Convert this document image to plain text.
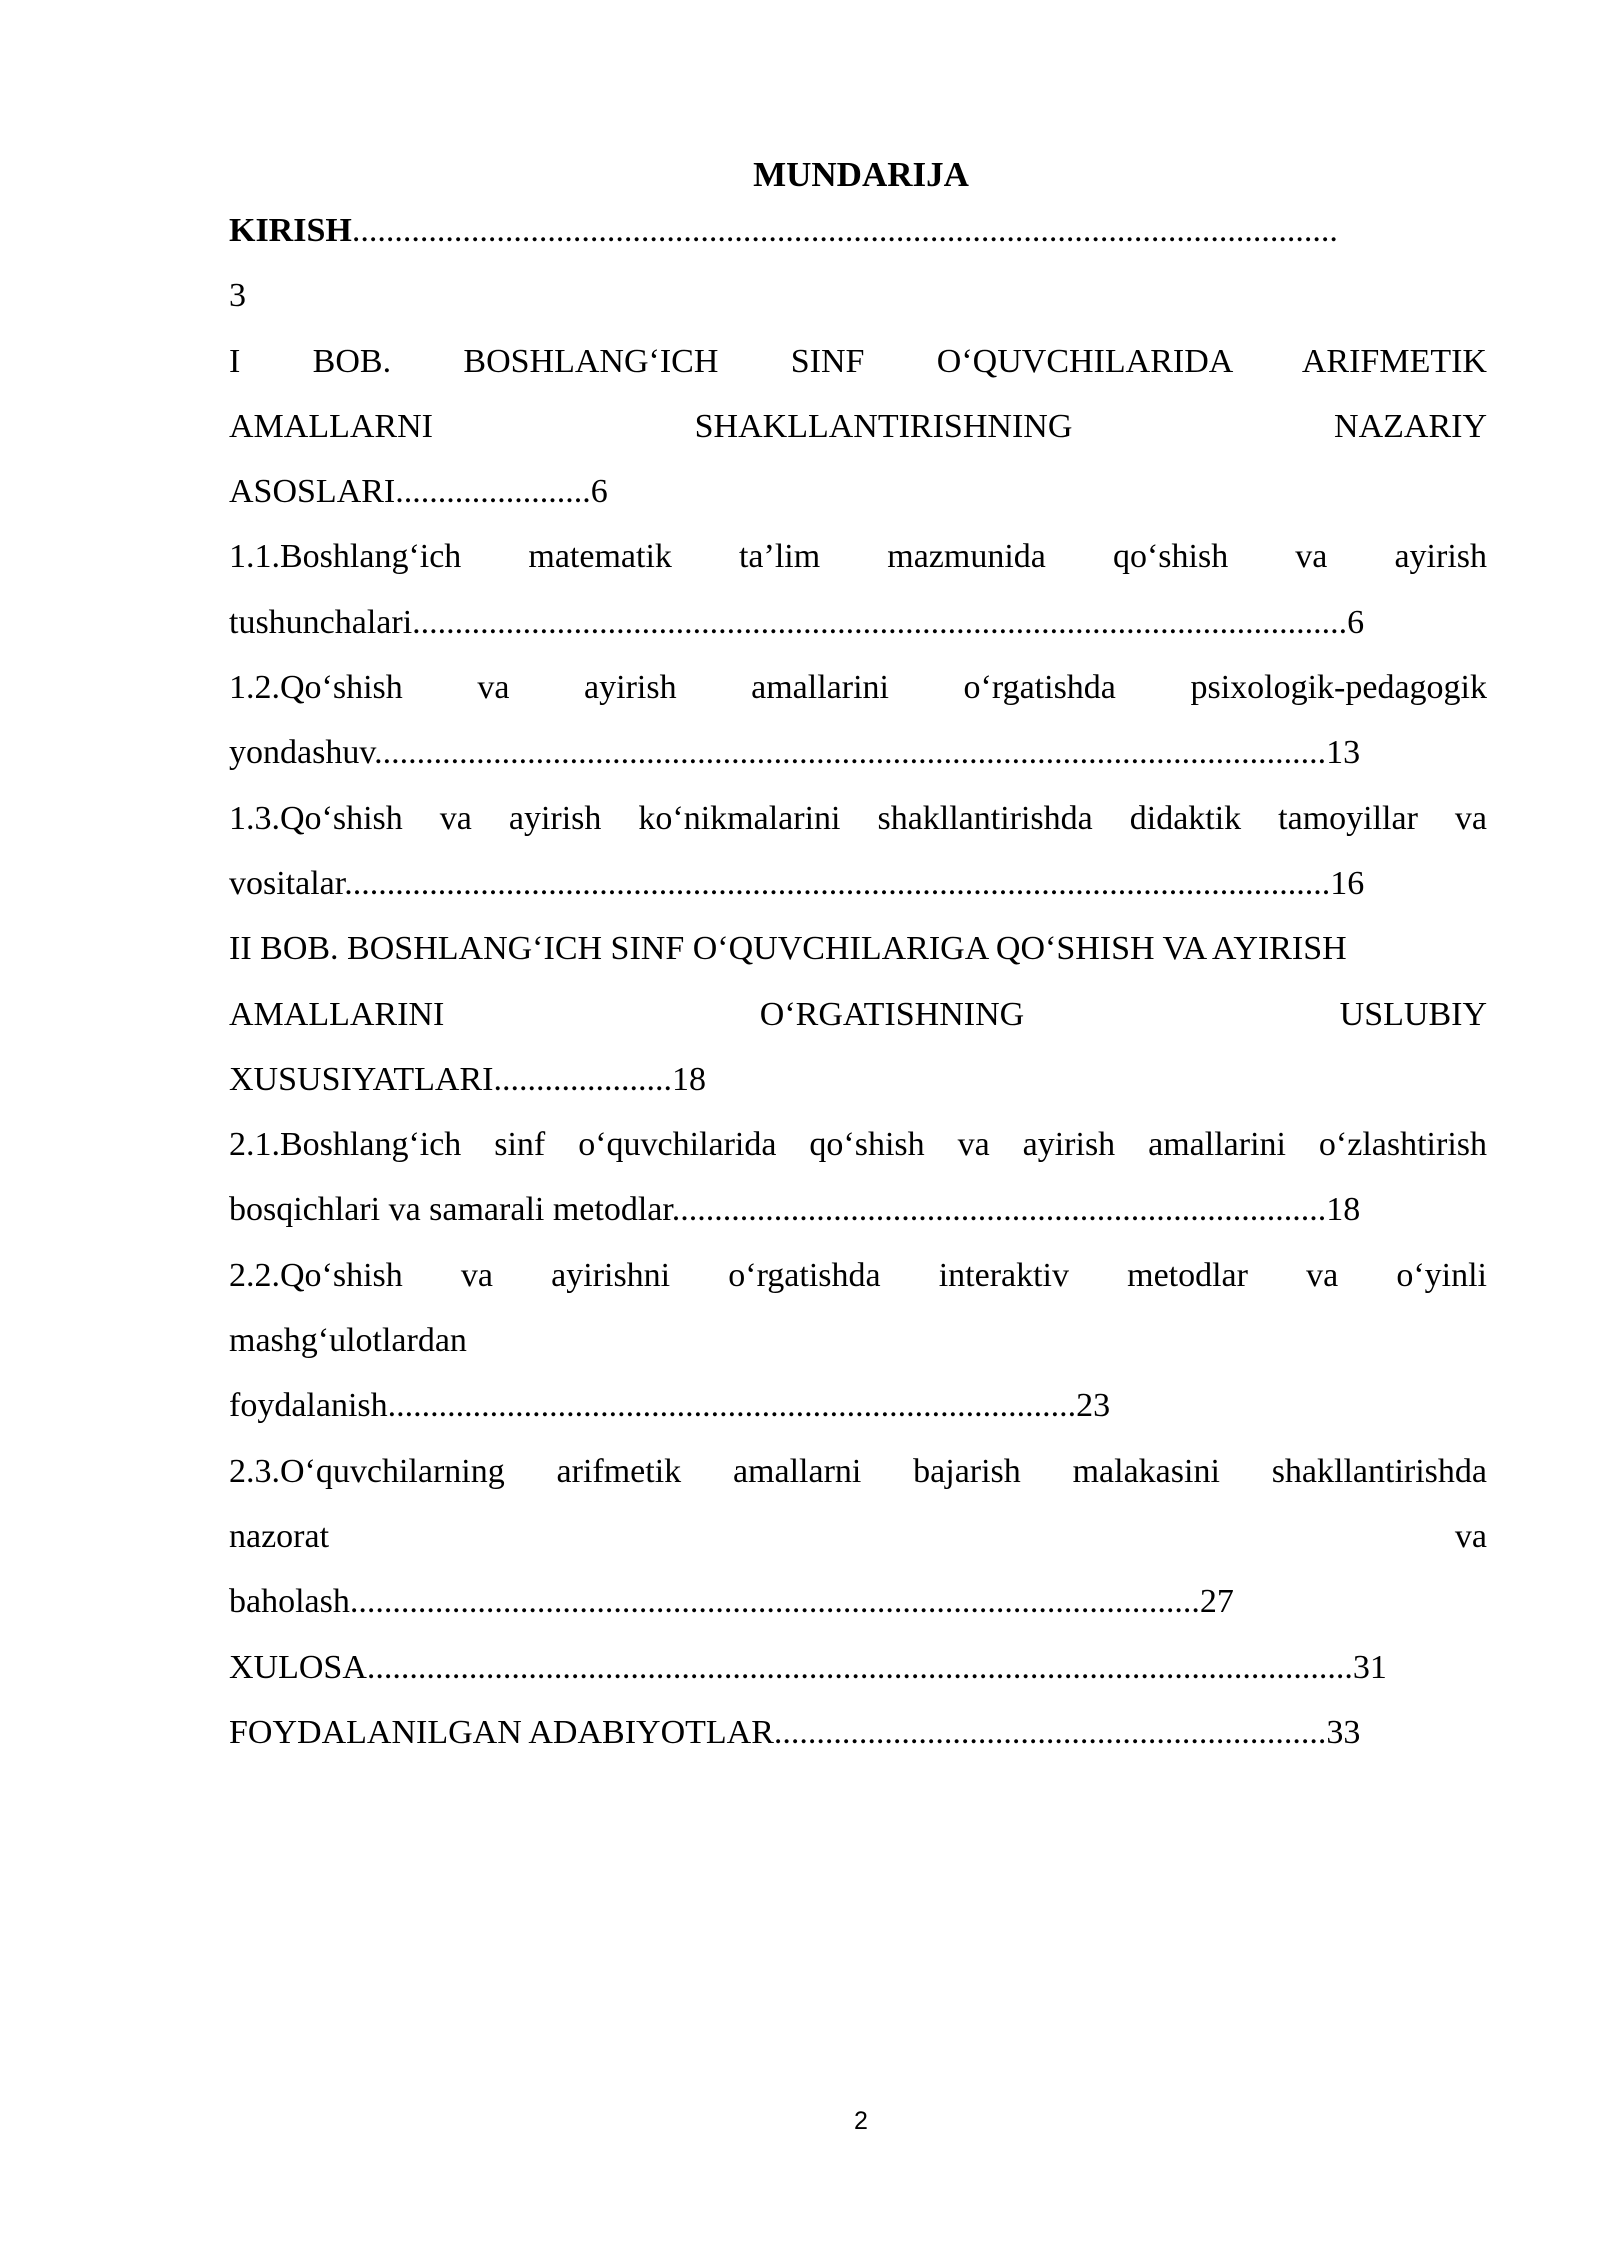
MUNDARIJA
KIRISH....................................................................................................................
3
I BOB. BOSHLANG‘ICH SINF O‘QUVCHILARIDA ARIFMETIK
AMALLARNI SHAKLLANTIRISHNING NAZARIY
ASOSLARI.......................6
1.1.Boshlang‘ich matematik ta’lim mazmunida qo‘shish va ayirish
tushunchalari..............................................................................................................6
1.2.Qo‘shish va ayirish amallarini o‘rgatishda psixologik-pedagogik
yondashuv................................................................................................................13
1.3.Qo‘shish va ayirish ko‘nikmalarini shakllantirishda didaktik tamoyillar va
vositalar....................................................................................................................16
II BOB. BOSHLANG‘ICH SINF O‘QUVCHILARIGA QO‘SHISH VA AYIRISH
AMALLARINI O‘RGATISHNING USLUBIY
XUSUSIYATLARI.....................18
2.1.Boshlang‘ich sinf o‘quvchilarida qo‘shish va ayirish amallarini o‘zlashtirish
bosqichlari va samarali metodlar.............................................................................18
2.2.Qo‘shish va ayirishni o‘rgatishda interaktiv metodlar va o‘yinli
mashg‘ulotlardan
foydalanish.................................................................................23
2.3.O‘quvchilarning arifmetik amallarni bajarish malakasini shakllantirishda
nazorat va
baholash....................................................................................................27
XULOSA....................................................................................................................31
FOYDALANILGAN ADABIYOTLAR.................................................................33
2
